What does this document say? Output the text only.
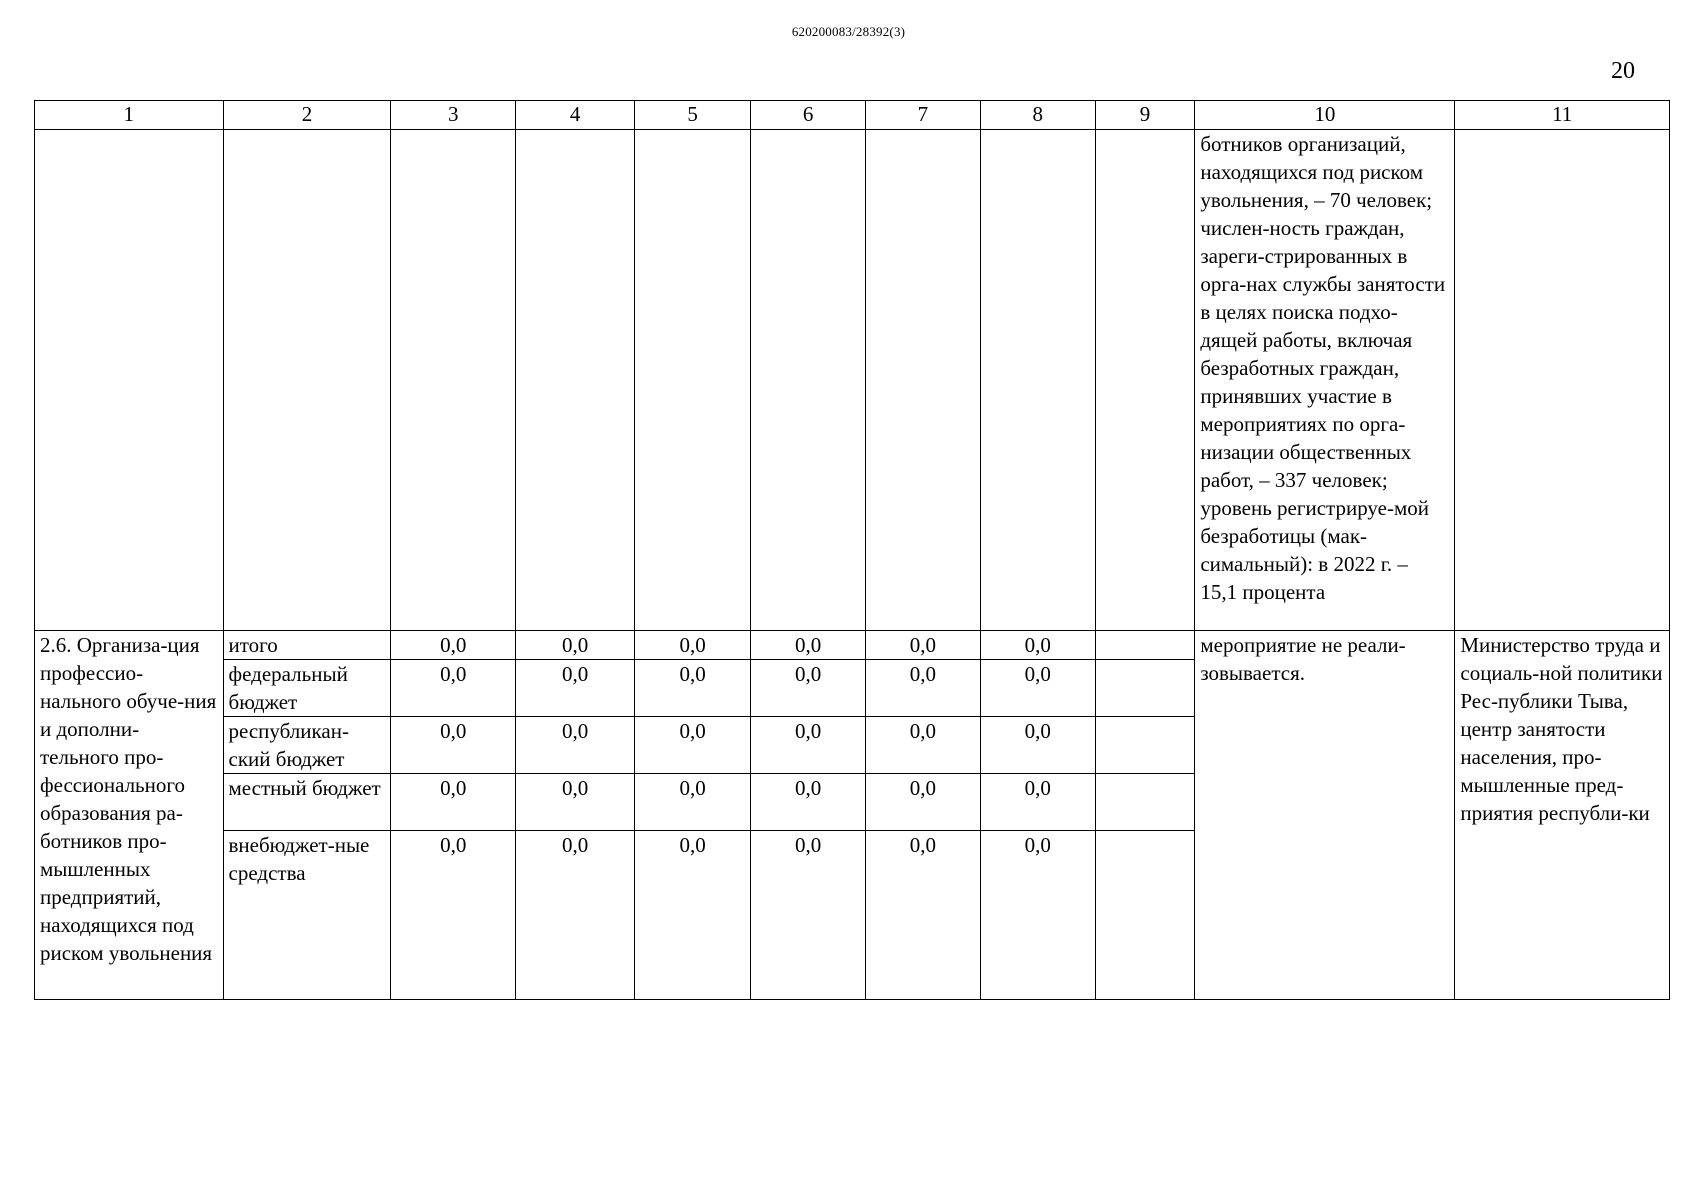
620200083/28392(3)
20
1	2	3	4	5	6	7	8	9	10	11
									ботников организаций, находящихся под риском увольнения, – 70 человек; числен-ность граждан, зареги-стрированных в орга-нах службы занятости в целях поиска подхо-дящей работы, включая безработных граждан, принявших участие в мероприятиях по орга-низации общественных работ, – 337 человек; уровень регистрируе-мой безработицы (мак-симальный): в 2022 г. – 15,1 процента	
2.6. Организа-ция профессио-нального обуче-ния и дополни-тельного про-фессионального образования ра-ботников про-мышленных предприятий, находящихся под риском увольнения	итого	0,0	0,0	0,0	0,0	0,0	0,0		мероприятие не реали-зовывается.	Министерство труда и социаль-ной политики Рес-публики Тыва, центр занятости населения, про-мышленные пред-приятия республи-ки
	федеральный бюджет	0,0	0,0	0,0	0,0	0,0	0,0			
	республикан-ский бюджет	0,0	0,0	0,0	0,0	0,0	0,0			
	местный бюджет	0,0	0,0	0,0	0,0	0,0	0,0			
	внебюджет-ные средства	0,0	0,0	0,0	0,0	0,0	0,0			
